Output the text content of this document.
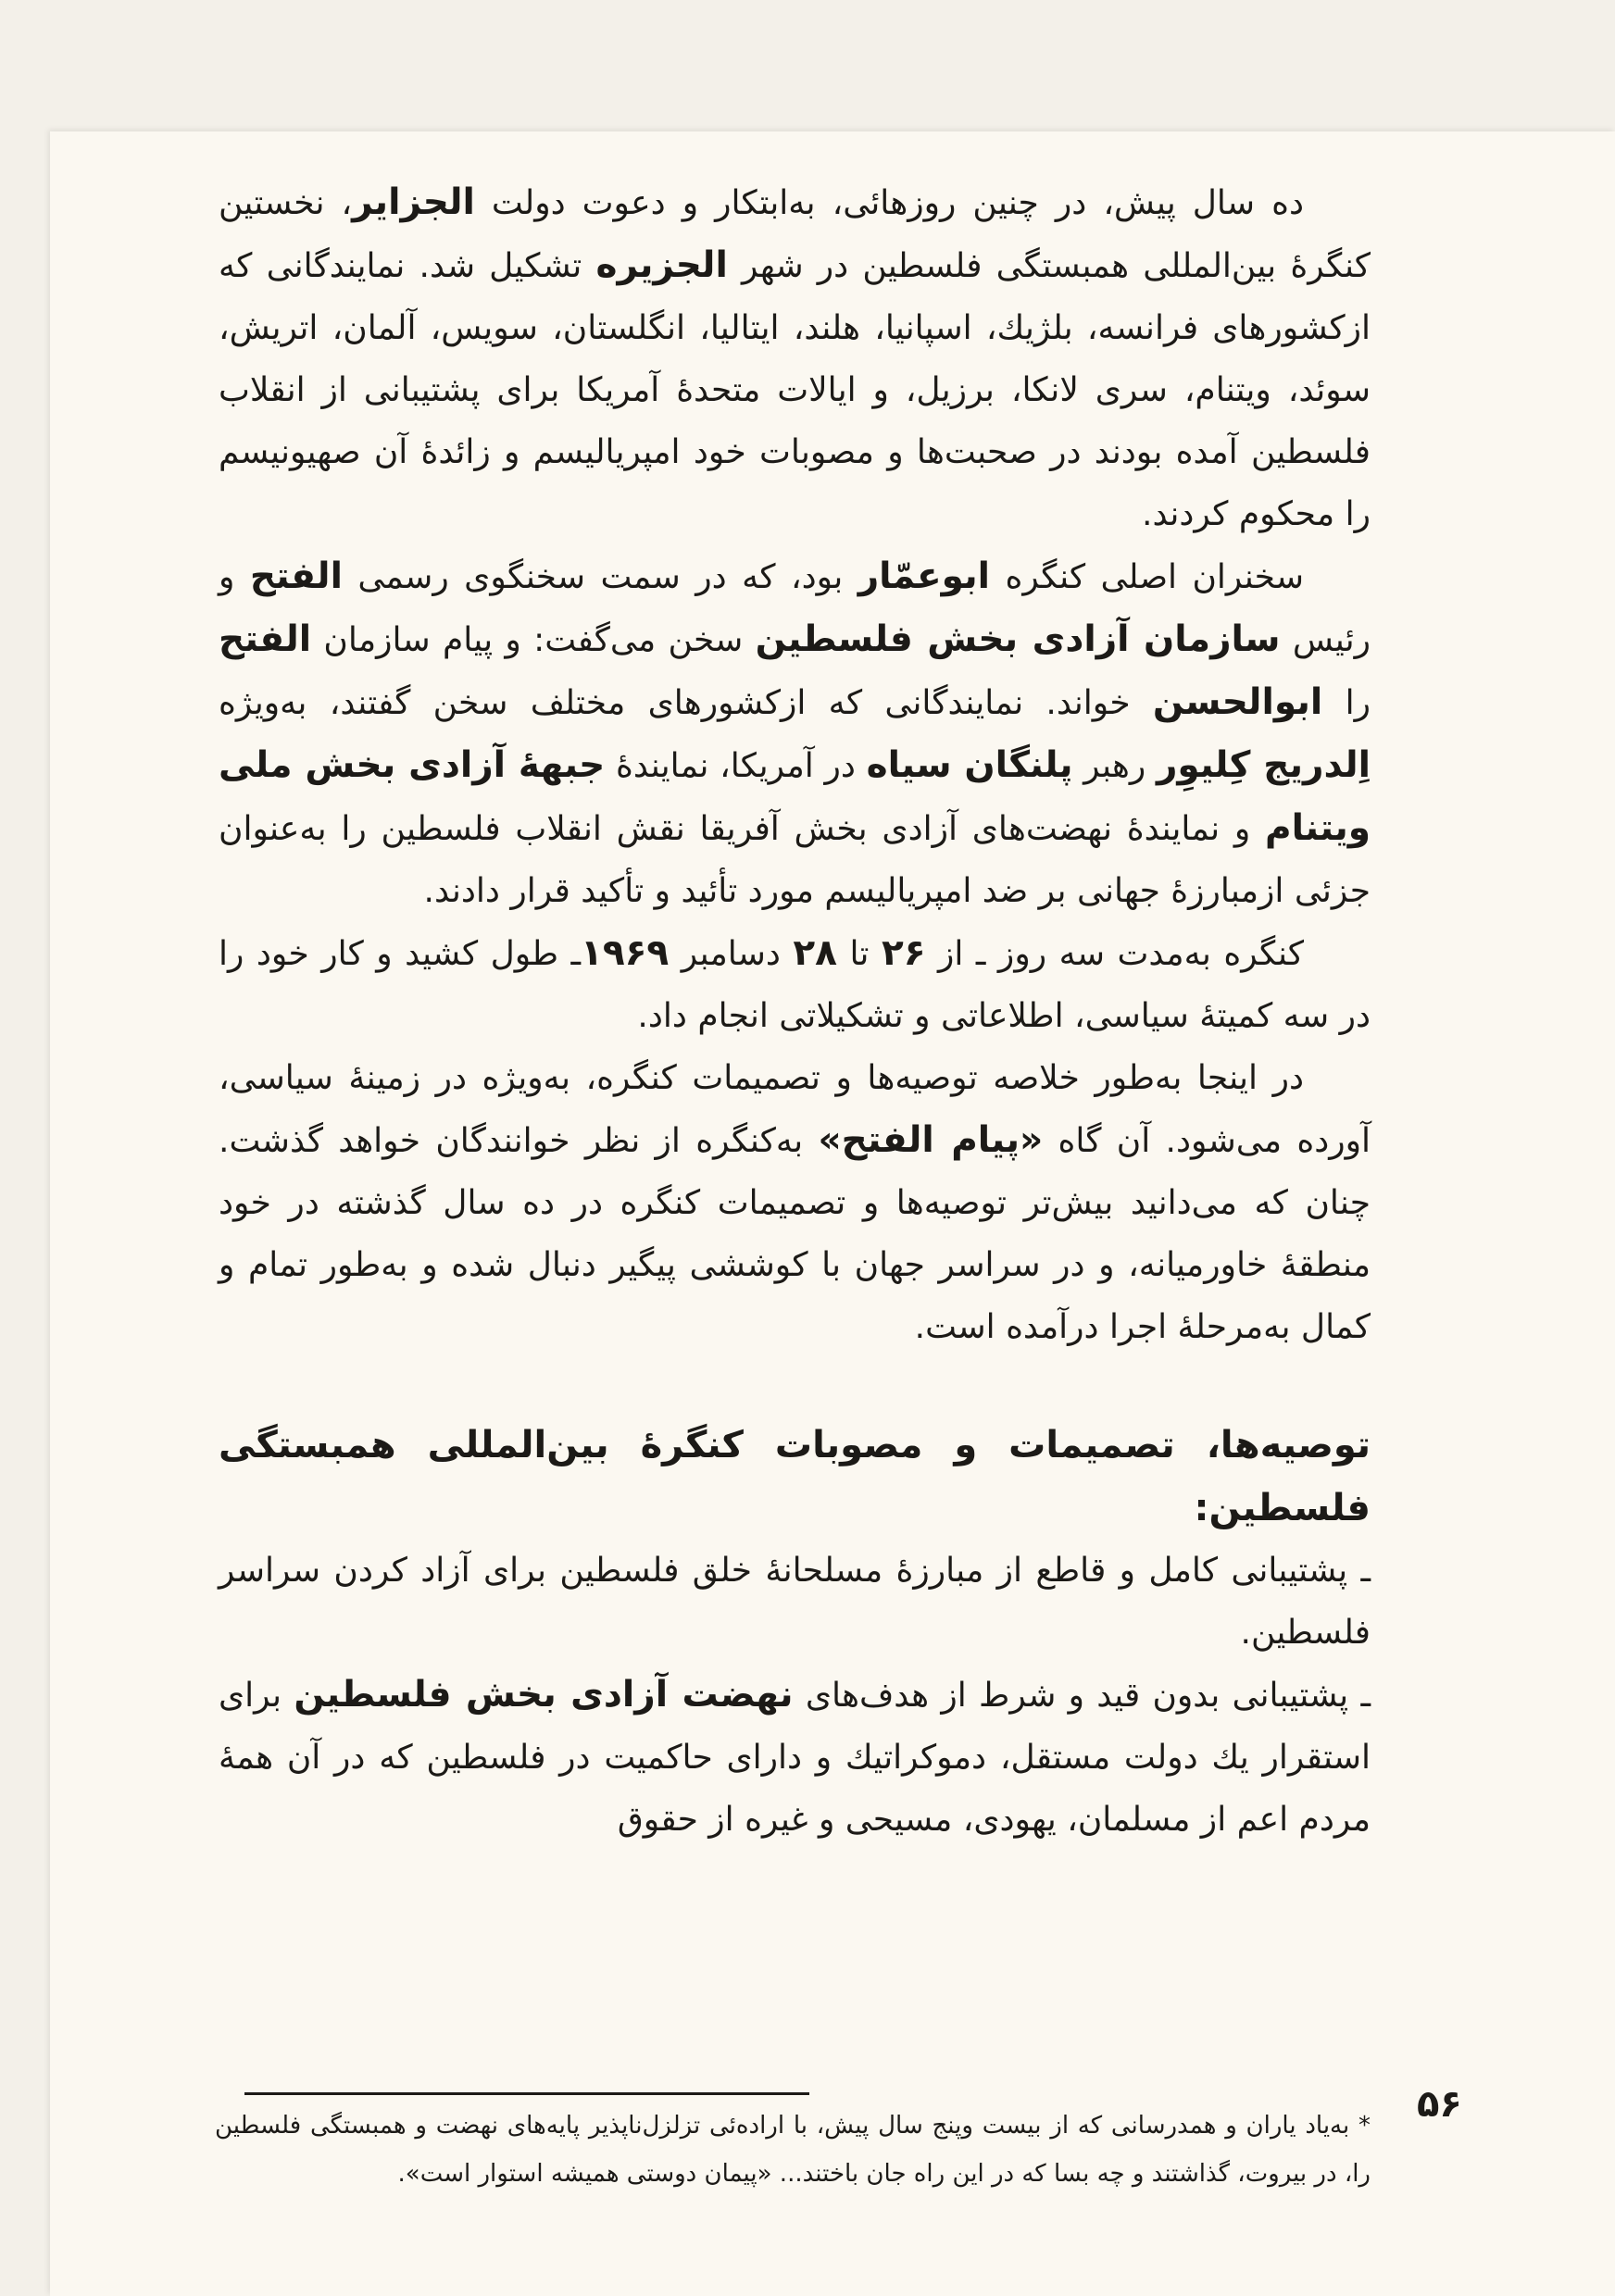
ده سال پیش، در چنین روزهائی، به‌ابتکار و دعوت دولت الجزایر، نخستین کنگرهٔ بین‌المللی همبستگی فلسطین در شهر الجزیره تشکیل شد. نمایندگانی که ازکشورهای فرانسه، بلژیك، اسپانیا، هلند، ایتالیا، انگلستان، سویس، آلمان، اتریش، سوئد، ویتنام، سری لانکا، برزیل، و ایالات متحدهٔ آمریکا برای پشتیبانی از انقلاب فلسطین آمده بودند در صحبت‌ها و مصوبات خود امپریالیسم و زائدهٔ آن صهیونیسم را محکوم کردند.

سخنران اصلی کنگره ابوعمّار بود، که در سمت سخنگوی رسمی الفتح و رئیس سازمان آزادی بخش فلسطین سخن می‌گفت: و پیام سازمان الفتح را ابوالحسن خواند. نمایندگانی که ازکشورهای مختلف سخن گفتند، به‌ویژه اِلدریج کِلیوِر رهبر پلنگان سیاه در آمریکا، نمایندهٔ جبههٔ آزادی بخش ملی ویتنام و نمایندهٔ نهضت‌های آزادی بخش آفریقا نقش انقلاب فلسطین را به‌عنوان جزئی ازمبارزهٔ جهانی بر ضد امپریالیسم مورد تأئید و تأکید قرار دادند.

کنگره به‌مدت سه روز ـ از ۲۶ تا ۲۸ دسامبر ۱۹۶۹ـ طول کشید و کار خود را در سه کمیتهٔ سیاسی، اطلاعاتی و تشکیلاتی انجام داد.

در اینجا به‌طور خلاصه توصیه‌ها و تصمیمات کنگره، به‌ویژه در زمینهٔ سیاسی، آورده می‌شود. آن گاه «پیام الفتح» به‌کنگره از نظر خوانندگان خواهد گذشت. چنان که می‌دانید بیش‌تر توصیه‌ها و تصمیمات کنگره در ده سال گذشته در خود منطقهٔ خاورمیانه، و در سراسر جهان با کوششی پیگیر دنبال شده و به‌طور تمام و کمال به‌مرحلهٔ اجرا درآمده است.

توصیه‌ها، تصمیمات و مصوبات کنگرهٔ بین‌المللی همبستگی فلسطین:

ـ پشتیبانی کامل و قاطع از مبارزهٔ مسلحانهٔ خلق فلسطین برای آزاد کردن سراسر فلسطین.

ـ پشتیبانی بدون قید و شرط از هدف‌های نهضت آزادی بخش فلسطین برای استقرار یك دولت مستقل، دموکراتیك و دارای حاکمیت در فلسطین که در آن همهٔ مردم اعم از مسلمان، یهودی، مسیحی و غیره از حقوق

* به‌یاد یاران و همدرسانی که از بیست وپنج سال پیش، با اراده‌ئی تزلزل‌ناپذیر پایه‌های نهضت و همبستگی فلسطین را، در بیروت، گذاشتند و چه بسا که در این راه جان باختند... «پیمان دوستی همیشه استوار است».

۵۶
